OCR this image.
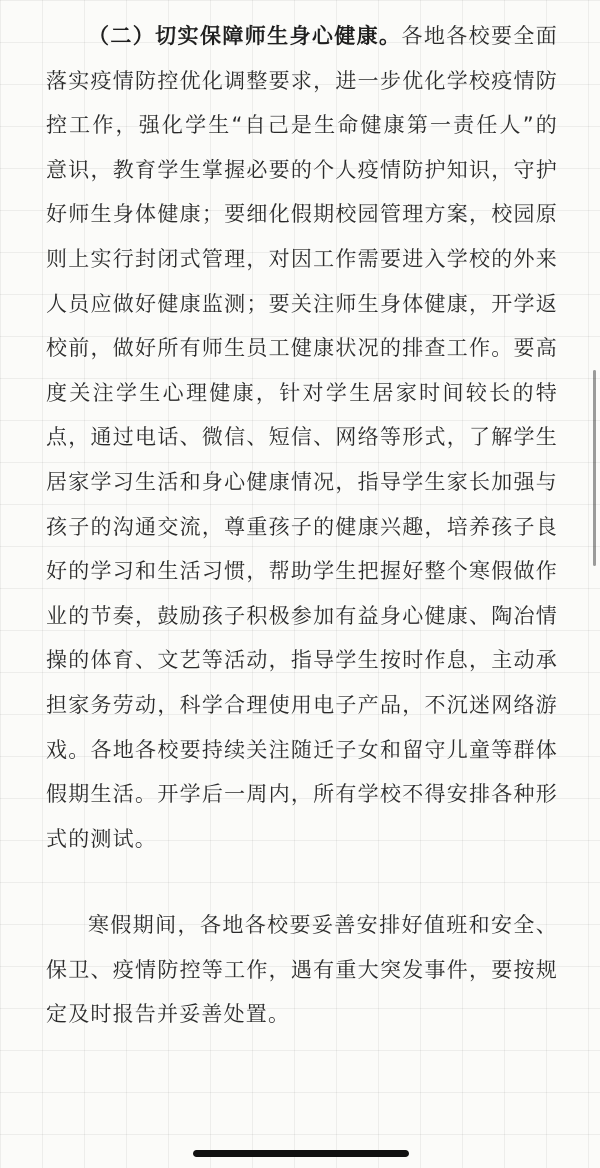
（二）切实保障师生身心健康。各地各校要全面落实疫情防控优化调整要求，进一步优化学校疫情防控工作，强化学生“自己是生命健康第一责任人”的意识，教育学生掌握必要的个人疫情防护知识，守护好师生身体健康；要细化假期校园管理方案，校园原则上实行封闭式管理，对因工作需要进入学校的外来人员应做好健康监测；要关注师生身体健康，开学返校前，做好所有师生员工健康状况的排查工作。要高度关注学生心理健康，针对学生居家时间较长的特点，通过电话、微信、短信、网络等形式，了解学生居家学习生活和身心健康情况，指导学生家长加强与孩子的沟通交流，尊重孩子的健康兴趣，培养孩子良好的学习和生活习惯，帮助学生把握好整个寒假做作业的节奏，鼓励孩子积极参加有益身心健康、陶冶情操的体育、文艺等活动，指导学生按时作息，主动承担家务劳动，科学合理使用电子产品，不沉迷网络游戏。各地各校要持续关注随迁子女和留守儿童等群体假期生活。开学后一周内，所有学校不得安排各种形式的测试。

寒假期间，各地各校要妥善安排好值班和安全、保卫、疫情防控等工作，遇有重大突发事件，要按规定及时报告并妥善处置。
